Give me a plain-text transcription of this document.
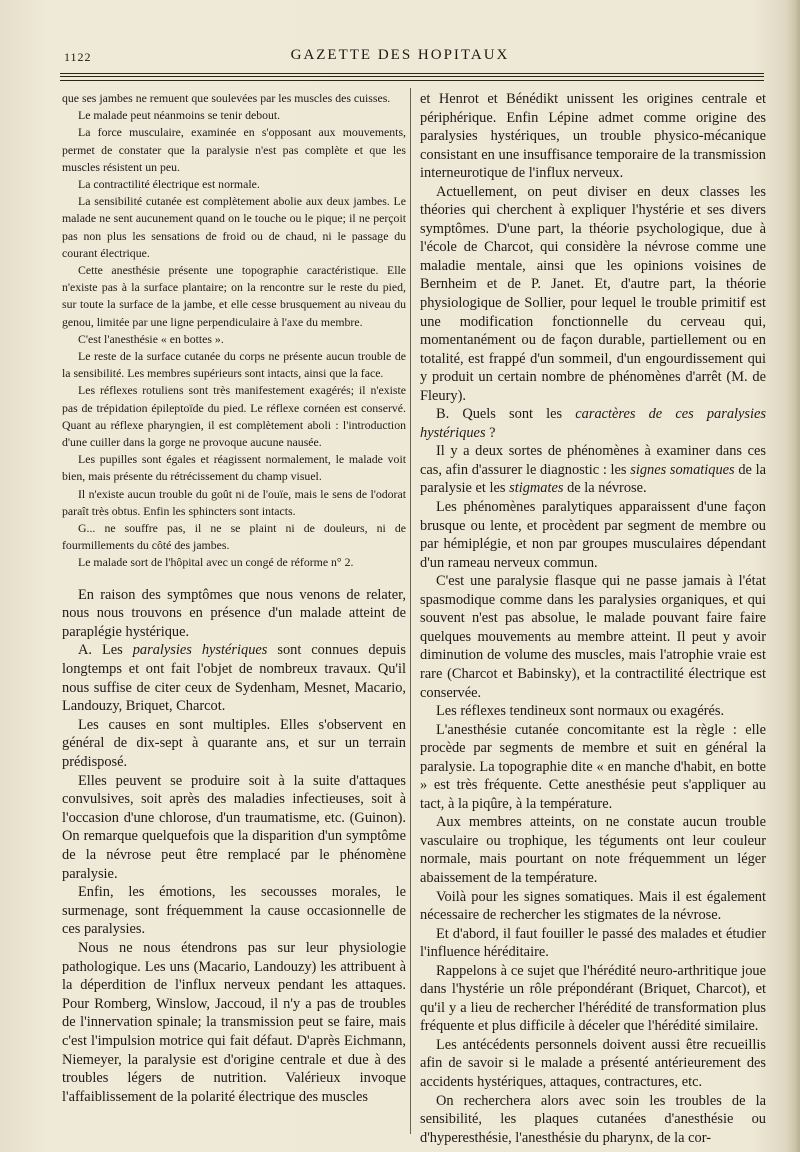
1122	GAZETTE DES HOPITAUX

que ses jambes ne remuent que soulevées par les muscles des cuisses.

Le malade peut néanmoins se tenir debout.

La force musculaire, examinée en s'opposant aux mouvements, permet de constater que la paralysie n'est pas complète et que les muscles résistent un peu.

La contractilité électrique est normale.

La sensibilité cutanée est complètement abolie aux deux jambes. Le malade ne sent aucunement quand on le touche ou le pique; il ne perçoit pas non plus les sensations de froid ou de chaud, ni le passage du courant électrique.

Cette anesthésie présente une topographie caractéristique. Elle n'existe pas à la surface plantaire; on la rencontre sur le reste du pied, sur toute la surface de la jambe, et elle cesse brusquement au niveau du genou, limitée par une ligne perpendiculaire à l'axe du membre.

C'est l'anesthésie « en bottes ».

Le reste de la surface cutanée du corps ne présente aucun trouble de la sensibilité. Les membres supérieurs sont intacts, ainsi que la face.

Les réflexes rotuliens sont très manifestement exagérés; il n'existe pas de trépidation épileptoïde du pied. Le réflexe cornéen est conservé. Quant au réflexe pharyngien, il est complètement aboli : l'introduction d'une cuiller dans la gorge ne provoque aucune nausée.

Les pupilles sont égales et réagissent normalement, le malade voit bien, mais présente du rétrécissement du champ visuel.

Il n'existe aucun trouble du goût ni de l'ouïe, mais le sens de l'odorat paraît très obtus. Enfin les sphincters sont intacts.

G... ne souffre pas, il ne se plaint ni de douleurs, ni de fourmillements du côté des jambes.

Le malade sort de l'hôpital avec un congé de réforme n° 2.

En raison des symptômes que nous venons de relater, nous nous trouvons en présence d'un malade atteint de paraplégie hystérique.

A. Les paralysies hystériques sont connues depuis longtemps et ont fait l'objet de nombreux travaux. Qu'il nous suffise de citer ceux de Sydenham, Mesnet, Macario, Landouzy, Briquet, Charcot.

Les causes en sont multiples. Elles s'observent en général de dix-sept à quarante ans, et sur un terrain prédisposé.

Elles peuvent se produire soit à la suite d'attaques convulsives, soit après des maladies infectieuses, soit à l'occasion d'une chlorose, d'un traumatisme, etc. (Guinon). On remarque quelquefois que la disparition d'un symptôme de la névrose peut être remplacé par le phénomène paralysie.

Enfin, les émotions, les secousses morales, le surmenage, sont fréquemment la cause occasionnelle de ces paralysies.

Nous ne nous étendrons pas sur leur physiologie pathologique. Les uns (Macario, Landouzy) les attribuent à la déperdition de l'influx nerveux pendant les attaques. Pour Romberg, Winslow, Jaccoud, il n'y a pas de troubles de l'innervation spinale; la transmission peut se faire, mais c'est l'impulsion motrice qui fait défaut. D'après Eichmann, Niemeyer, la paralysie est d'origine centrale et due à des troubles légers de nutrition. Valérieux invoque l'affaiblissement de la polarité électrique des muscles

et Henrot et Bénédikt unissent les origines centrale et périphérique. Enfin Lépine admet comme origine des paralysies hystériques, un trouble physico-mécanique consistant en une insuffisance temporaire de la transmission interneurotique de l'influx nerveux.

Actuellement, on peut diviser en deux classes les théories qui cherchent à expliquer l'hystérie et ses divers symptômes. D'une part, la théorie psychologique, due à l'école de Charcot, qui considère la névrose comme une maladie mentale, ainsi que les opinions voisines de Bernheim et de P. Janet. Et, d'autre part, la théorie physiologique de Sollier, pour lequel le trouble primitif est une modification fonctionnelle du cerveau qui, momentanément ou de façon durable, partiellement ou en totalité, est frappé d'un sommeil, d'un engourdissement qui y produit un certain nombre de phénomènes d'arrêt (M. de Fleury).

B. Quels sont les caractères de ces paralysies hystériques ?

Il y a deux sortes de phénomènes à examiner dans ces cas, afin d'assurer le diagnostic : les signes somatiques de la paralysie et les stigmates de la névrose.

Les phénomènes paralytiques apparaissent d'une façon brusque ou lente, et procèdent par segment de membre ou par hémiplégie, et non par groupes musculaires dépendant d'un rameau nerveux commun.

C'est une paralysie flasque qui ne passe jamais à l'état spasmodique comme dans les paralysies organiques, et qui souvent n'est pas absolue, le malade pouvant faire faire quelques mouvements au membre atteint. Il peut y avoir diminution de volume des muscles, mais l'atrophie vraie est rare (Charcot et Babinsky), et la contractilité électrique est conservée.

Les réflexes tendineux sont normaux ou exagérés.

L'anesthésie cutanée concomitante est la règle : elle procède par segments de membre et suit en général la paralysie. La topographie dite « en manche d'habit, en botte » est très fréquente. Cette anesthésie peut s'appliquer au tact, à la piqûre, à la température.

Aux membres atteints, on ne constate aucun trouble vasculaire ou trophique, les téguments ont leur couleur normale, mais pourtant on note fréquemment un léger abaissement de la température.

Voilà pour les signes somatiques. Mais il est également nécessaire de rechercher les stigmates de la névrose.

Et d'abord, il faut fouiller le passé des malades et étudier l'influence héréditaire.

Rappelons à ce sujet que l'hérédité neuro-arthritique joue dans l'hystérie un rôle prépondérant (Briquet, Charcot), et qu'il y a lieu de rechercher l'hérédité de transformation plus fréquente et plus difficile à déceler que l'hérédité similaire.

Les antécédents personnels doivent aussi être recueillis afin de savoir si le malade a présenté antérieurement des accidents hystériques, attaques, contractures, etc.

On recherchera alors avec soin les troubles de la sensibilité, les plaques cutanées d'anesthésie ou d'hyperesthésie, l'anesthésie du pharynx, de la cor-
